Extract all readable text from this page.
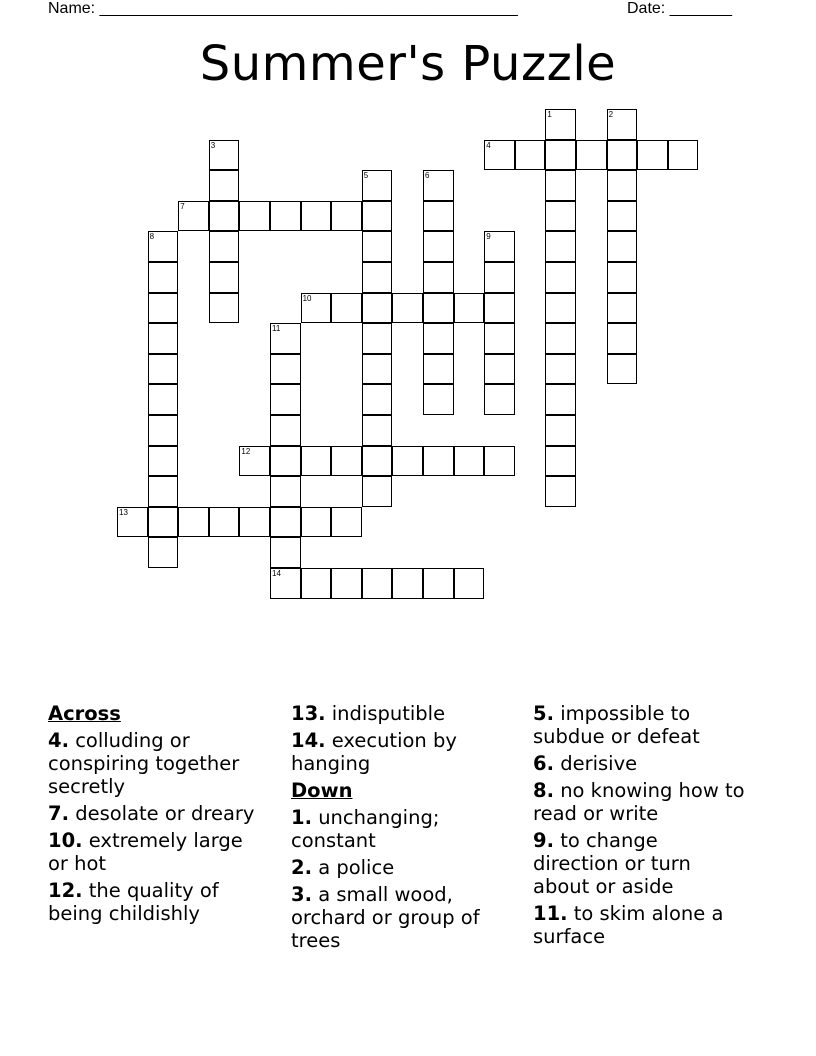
Name: _______________________________________________	Date: _______
Summer's Puzzle
1	2
3	4
5	6
7
8	9
10
11
14
12
13
Across
4. colluding or conspiring together secretly
7. desolate or dreary
10. extremely large or hot
12. the quality of being childishly
13. indisputible
14. execution by hanging
Down
1. unchanging; constant
2. a police
3. a small wood, orchard or group of trees
5. impossible to subdue or defeat
6. derisive
8. no knowing how to read or write
9. to change direction or turn about or aside
11. to skim alone a surface
